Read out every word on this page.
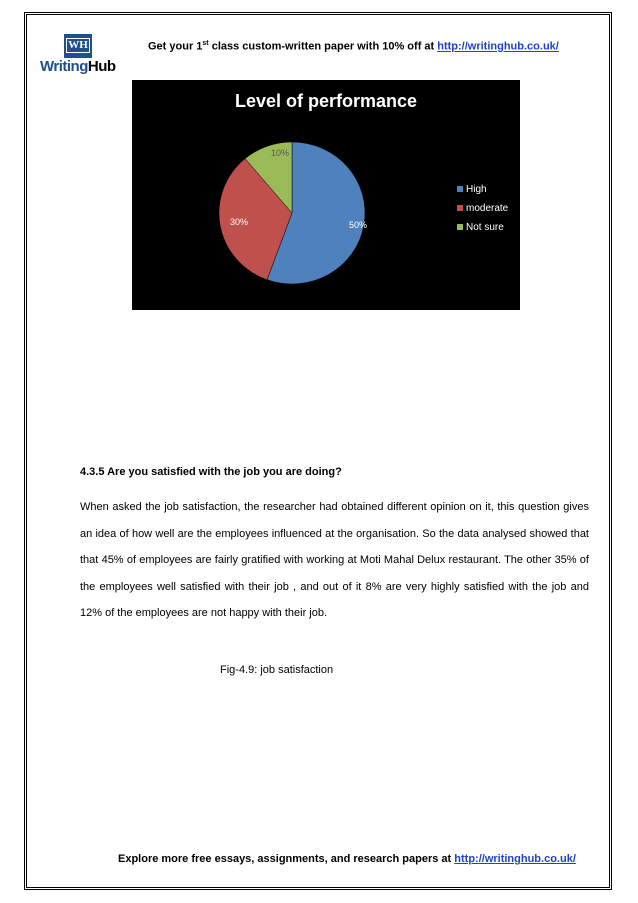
WH
WritingHub
Get your 1st class custom-written paper with 10% off at http://writinghub.co.uk/
Level of performance
50%
30%
10%
High
moderate
Not sure
4.3.5 Are you satisfied with the job you are doing?

When asked the job satisfaction, the researcher had obtained different opinion on it, this question gives an idea of how well are the employees influenced at the organisation. So the data analysed showed that that 45% of employees are fairly gratified with working at Moti Mahal Delux restaurant. The other 35% of the employees well satisfied with their job , and out of it 8% are very highly satisfied with the job and 12% of the employees are not happy with their job.

Fig-4.9: job satisfaction
Explore more free essays, assignments, and research papers at http://writinghub.co.uk/
